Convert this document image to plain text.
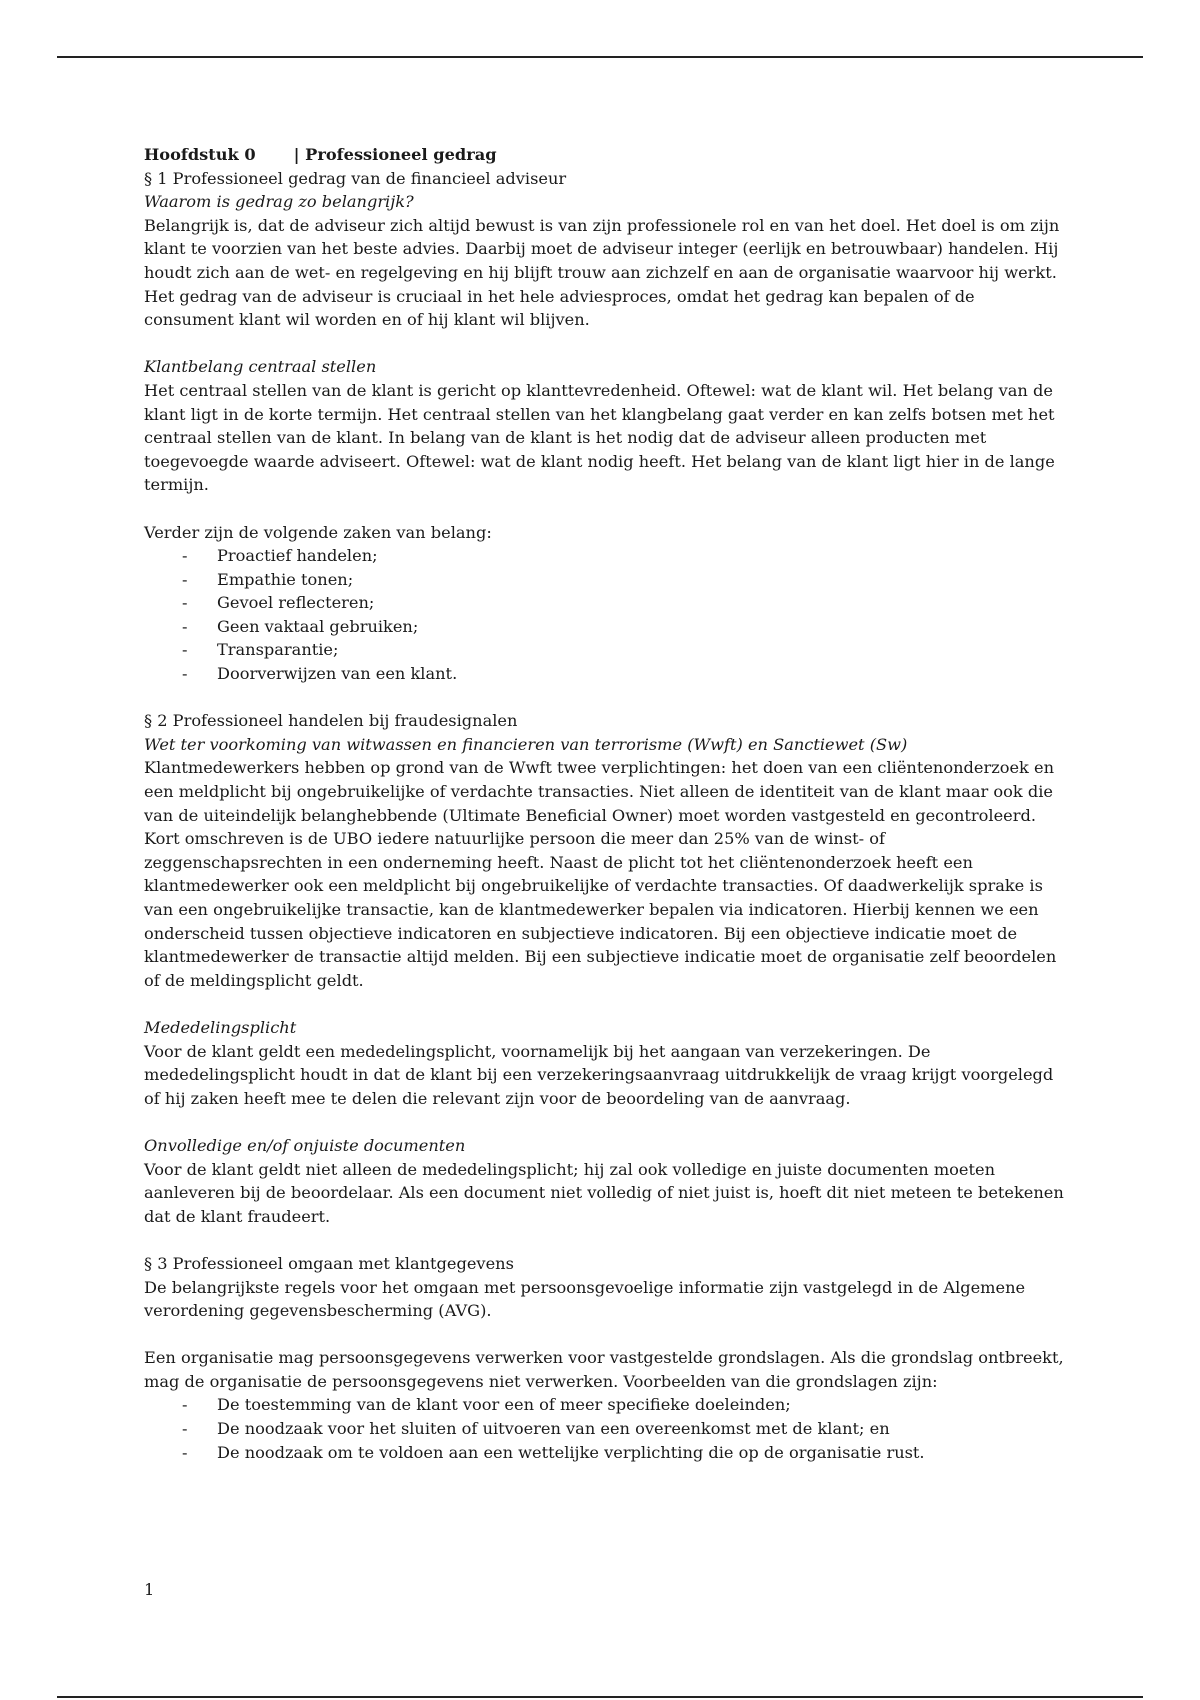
Hoofdstuk 0 | Professioneel gedrag

§ 1 Professioneel gedrag van de financieel adviseur

Waarom is gedrag zo belangrijk?

Belangrijk is, dat de adviseur zich altijd bewust is van zijn professionele rol en van het doel. Het doel is om zijn klant te voorzien van het beste advies. Daarbij moet de adviseur integer (eerlijk en betrouwbaar) handelen. Hij houdt zich aan de wet- en regelgeving en hij blijft trouw aan zichzelf en aan de organisatie waarvoor hij werkt. Het gedrag van de adviseur is cruciaal in het hele adviesproces, omdat het gedrag kan bepalen of de consument klant wil worden en of hij klant wil blijven.

Klantbelang centraal stellen

Het centraal stellen van de klant is gericht op klanttevredenheid. Oftewel: wat de klant wil. Het belang van de klant ligt in de korte termijn. Het centraal stellen van het klangbelang gaat verder en kan zelfs botsen met het centraal stellen van de klant. In belang van de klant is het nodig dat de adviseur alleen producten met toegevoegde waarde adviseert. Oftewel: wat de klant nodig heeft. Het belang van de klant ligt hier in de lange termijn.

Verder zijn de volgende zaken van belang:

- Proactief handelen;
- Empathie tonen;
- Gevoel reflecteren;
- Geen vaktaal gebruiken;
- Transparantie;
- Doorverwijzen van een klant.

§ 2 Professioneel handelen bij fraudesignalen

Wet ter voorkoming van witwassen en financieren van terrorisme (Wwft) en Sanctiewet (Sw)

Klantmedewerkers hebben op grond van de Wwft twee verplichtingen: het doen van een cliëntenonderzoek en een meldplicht bij ongebruikelijke of verdachte transacties. Niet alleen de identiteit van de klant maar ook die van de uiteindelijk belanghebbende (Ultimate Beneficial Owner) moet worden vastgesteld en gecontroleerd. Kort omschreven is de UBO iedere natuurlijke persoon die meer dan 25% van de winst- of zeggenschapsrechten in een onderneming heeft. Naast de plicht tot het cliëntenonderzoek heeft een klantmedewerker ook een meldplicht bij ongebruikelijke of verdachte transacties. Of daadwerkelijk sprake is van een ongebruikelijke transactie, kan de klantmedewerker bepalen via indicatoren. Hierbij kennen we een onderscheid tussen objectieve indicatoren en subjectieve indicatoren. Bij een objectieve indicatie moet de klantmedewerker de transactie altijd melden. Bij een subjectieve indicatie moet de organisatie zelf beoordelen of de meldingsplicht geldt.

Mededelingsplicht

Voor de klant geldt een mededelingsplicht, voornamelijk bij het aangaan van verzekeringen. De mededelingsplicht houdt in dat de klant bij een verzekeringsaanvraag uitdrukkelijk de vraag krijgt voorgelegd of hij zaken heeft mee te delen die relevant zijn voor de beoordeling van de aanvraag.

Onvolledige en/of onjuiste documenten

Voor de klant geldt niet alleen de mededelingsplicht; hij zal ook volledige en juiste documenten moeten aanleveren bij de beoordelaar. Als een document niet volledig of niet juist is, hoeft dit niet meteen te betekenen dat de klant fraudeert.

§ 3 Professioneel omgaan met klantgegevens

De belangrijkste regels voor het omgaan met persoonsgevoelige informatie zijn vastgelegd in de Algemene verordening gegevensbescherming (AVG).

Een organisatie mag persoonsgegevens verwerken voor vastgestelde grondslagen. Als die grondslag ontbreekt, mag de organisatie de persoonsgegevens niet verwerken. Voorbeelden van die grondslagen zijn:

- De toestemming van de klant voor een of meer specifieke doeleinden;
- De noodzaak voor het sluiten of uitvoeren van een overeenkomst met de klant; en
- De noodzaak om te voldoen aan een wettelijke verplichting die op de organisatie rust.
1
